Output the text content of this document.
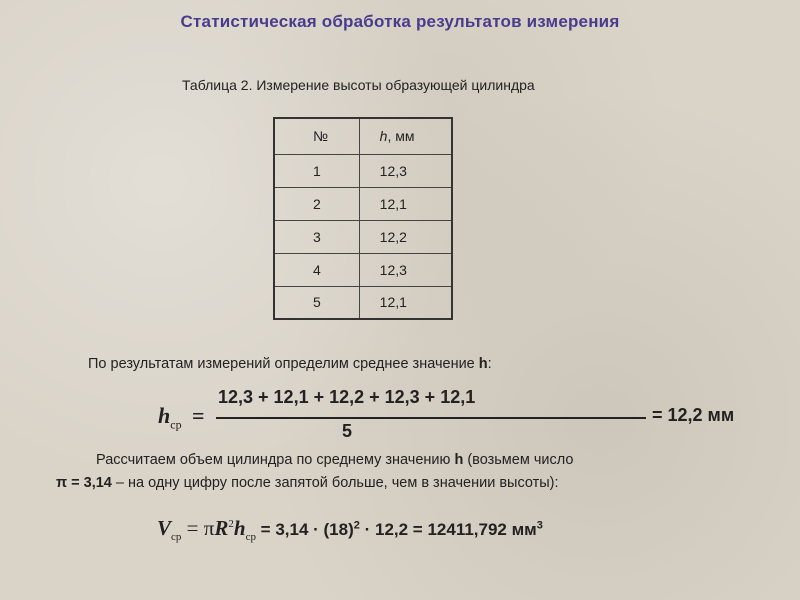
Статистическая обработка результатов измерения
Таблица 2. Измерение высоты образующей цилиндра
№	h, мм
1	12,3
2	12,1
3	12,2
4	12,3
5	12,1
По результатам измерений определим среднее значение h:
$h_{ср}$ =
12,3 + 12,1 + 12,2 + 12,3 + 12,1
5
= 12,2 мм
Рассчитаем объем цилиндра по среднему значению h (возьмем число
π = 3,14 – на одну цифру после запятой больше, чем в значении высоты):
$V_{ср} = \pi R^2h_{ср} = 3,14 \cdot (18)^2 \cdot 12,2 = 12411,792$ $мм^3$
